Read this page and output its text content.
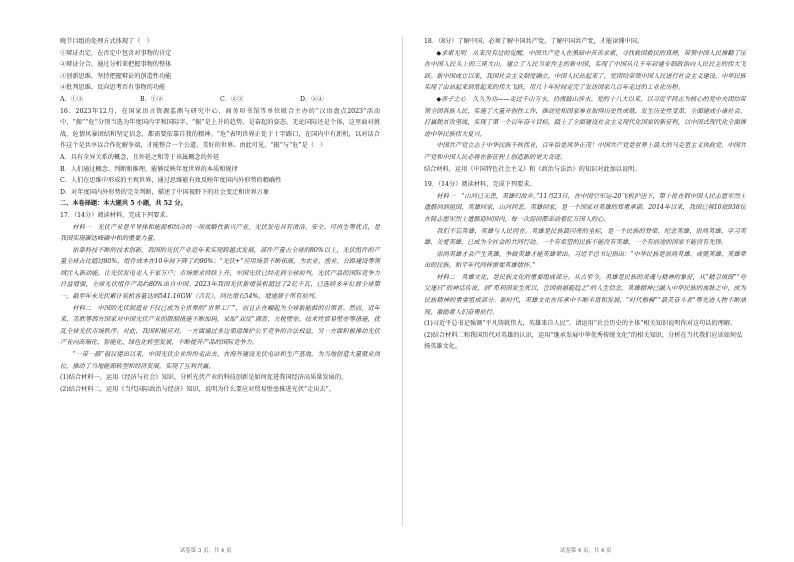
晚节目组的处理方式体现了（　）

①辩证否定，在否定中包含对事物的肯定

②辩证分合，通过分析来把握事物的整体

③创新思维，坚持把握辩证的创造性功能

④批判思维，反向思考否有事物的功能

A．①③	B．①②	C．②③	D．②④

16．2023年12月，在国家语言资源监测与研究中心、商务印书馆等单位联合主办的“汉语盘点2023”活动中，“振”“危”分别当选为年度国内字和国际字。“振”是上升的趋势，是奋起的姿态。无论国际还是个体，这里面对挑战、危情风暴团结和坚定信念，都需要依靠自我的精神。“危”表明世界正处于十字路口，在国内中有新机，以对话合作这个是共享以合作化解争端，才能整合一个公道、美好的世界。由此可见，“振”与“危”是（　）

A．具有全异关系的概念，且外延之和等于该属概念的外延

B．人们通过概念、判断和推理，能够反映年度世界的本质和规律

C．人们在思维中形成的主观世界，通过思维能有效反映年度国内外形势的精确性

D．对年度国内外形势的完全判断，描述了中国视野下的社会变迁和世界万象

二、本卷择题：本大题共 5 小题，共 52 分。

17．（14分）阅读材料，完成下列要求。

材料一　光伏产业是半导体和能源相结合的一项战略性新兴产业，光伏发电具有清洁、安全、可再生等优点，是我国实现碳达峰碳中和的重要力量。

依靠科技不断的技术创新，我国的光伏产业近年来实现跨越式发展，部件产量占全球的80%以上，光伏组件的产量全球占比超过80%，组件成本在10年间下降了约90%；“光伏+”应用场景不断拓展，为农业、渔业、公路建设等领域注入新动能，让光伏发电走入千家万户；市场需求持续上升，中国光伏已经走到全球前列，光伏产品的国际竞争力日益增强，全球光伏组件产品约80%出自中国。2023年我国光伏新增装机超过了2亿千瓦，已连续多年位居全球第一，截至年末光伏累计装机容量达到541.16GW（吉瓦），同比增长54%，增速居于所有前列。

材料二　中国的光伏制造业不仅已成为全世界的“世界工厂”，而且正在崛起为全球新能源的引领者。然而，近年来，美欧等西方国家对中国光伏产业的限制措施不断加码，采取“双反”调查、关税壁垒、技术性贸易壁垒等措施，扰乱全球光伏市场秩序。对此，我国积极应对，一方面通过多边渠道维护公平竞争的合法权益，另一方面积极推动光伏产业向高端化、智能化、绿色化转型发展，不断提升产品的国际竞争力。

“一带一路”倡议提出以来，中国光伏企业纷纷走出去，在海外建设光伏电站和生产基地，为当地创造大量就业岗位，推动了当地能源转型和经济发展，实现了互利共赢。

(1)结合材料一，运用《经济与社会》知识，分析光伏产业的科技创新是如何促进我国经济高质量发展的。

(2)结合材料二，运用《当代国际政治与经济》知识，说明为什么要应对贸易壁垒推进光伏“走出去”。

18．（8分）了解中国，必须了解中国共产党，了解中国共产党，才能读懂中国。

◆求索光明　从来没有过的觉醒，中国共产党人在黑暗中苦苦求索，寻找救国救民的真理，带领中国人民推翻了压在中国人民头上的三座大山，建立了人民当家作主的新中国，实现了中国从几千年封建专制政治向人民民主的伟大飞跃。新中国成立以来，我国社会主义制度确立，中国人民站起来了。党团结带领中国人民进行社会主义建设，中华民族实现了由站起来到富起来的伟大飞跃，用几十年时间走完了发达国家几百年走过的工业化历程。

◆赤子之心　久久为功——走过千山万水，仍需跋山涉水。党的十八大以来，以习近平同志为核心的党中央团结带领全国各族人民，实施了大量开创性工作，推动党和国家事业取得历史性成就、发生历史性变革，全面建成小康社会、打赢脱贫攻坚战，实现了第一个百年奋斗目标，踏上了全面建设社会主义现代化国家的新征程，以中国式现代化全面推进中华民族伟大复兴。

中国共产党立志于中华民族千秋伟业，百年恰是风华正茂！中国共产党是世界上最大的马克思主义执政党，中国共产党和中国人民必将在新征程上创造新的更大奇迹。

结合材料，运用《中国特色社会主义》和《政治与法治》的知识对此加以说明。

19．（14分）阅读材料，完成下列要求。

材料一　“山河已无恙，英雄归故乡。”11月23日，在中国空军运-20飞机护送下，第十批在韩中国人民志愿军烈士遗骸回到祖国，英雄回家，山河同悲。英雄回家，是一个国家对英雄的郑重承诺。2014年以来，我国已将10批938位在韩志愿军烈士遗骸迎回国内，每一次迎回都牵动着亿万国人的心。

我们不忘英雄，英雄与人民同在。英雄是民族最闪亮的坐标，是一个民族的脊梁。纪念英雄、崇尚英雄、学习英雄、关爱英雄，已成为全社会的共同行动。一个有希望的民族不能没有英雄，一个有前途的国家不能没有先锋。

崇尚英雄才会产生英雄，争做英雄才能英雄辈出。习近平总书记指出：“中华民族是崇尚英雄、成就英雄、英雄辈出的民族，和平年代同样需要英雄情怀。”

材料二　英雄文化，是民族文化的重要组成部分。从古至今，英雄是民族的灵魂与精神的象征，从“精卫填海”“夸父逐日”的神话传说，到“苟利国家生死以，岂因祸福避趋之”的人生信念，英雄精神已融入中华民族的血脉之中，成为民族精神的重要组成部分。新时代，英雄文化在传承中不断丰富和发展，“时代楷模”“最美奋斗者”等先进人物不断涌现，激励着人们奋勇前行。

(1)习近平总书记强调“平凡铸就伟大，英雄来自人民”，请运用“社会历史的主体”相关知识说明你对这句话的理解。

(2)结合材料二和我国历代对英雄的认识，运用“继承发展中华优秀传统文化”的相关知识，分析在当代我们应该如何弘扬英雄文化。

试卷第 3 页，共 4 页	试卷第 4 页，共 4 页
